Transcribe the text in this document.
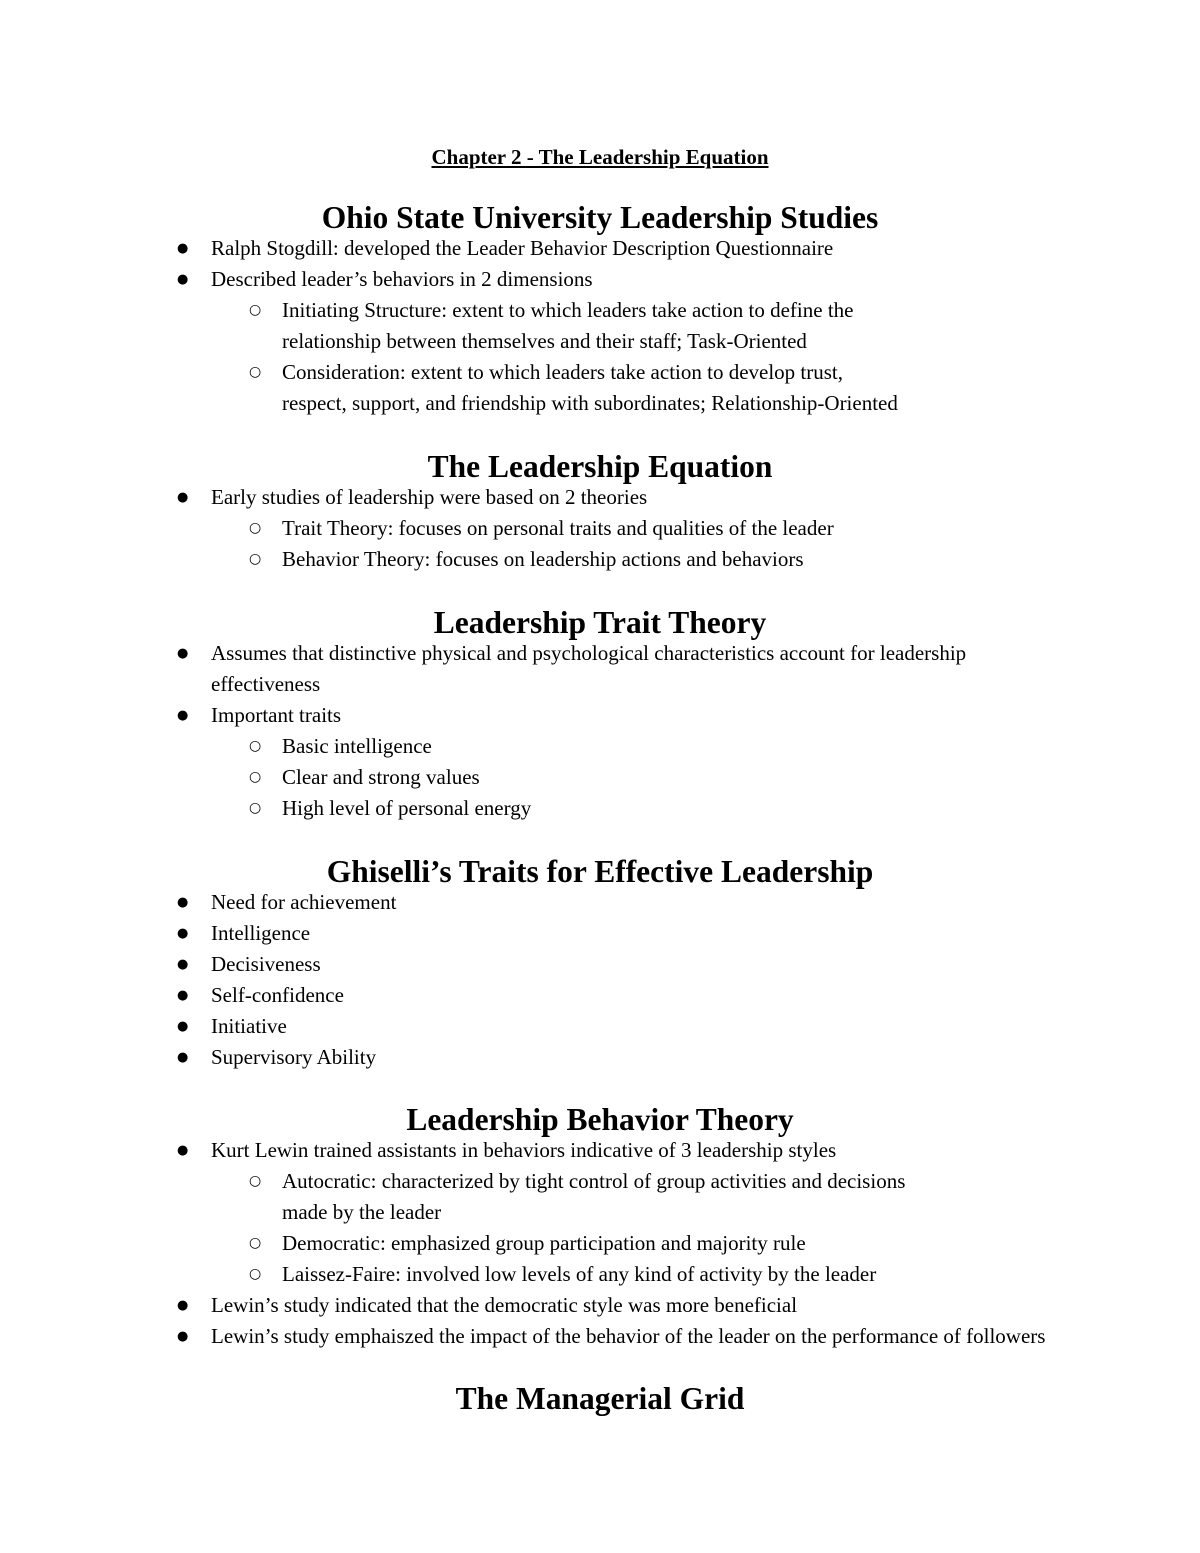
Chapter 2 - The Leadership Equation
Ohio State University Leadership Studies
● Ralph Stogdill: developed the Leader Behavior Description Questionnaire
● Described leader’s behaviors in 2 dimensions
○ Initiating Structure: extent to which leaders take action to define the relationship between themselves and their staff; Task-Oriented
○ Consideration: extent to which leaders take action to develop trust, respect, support, and friendship with subordinates; Relationship-Oriented
The Leadership Equation
● Early studies of leadership were based on 2 theories
○ Trait Theory: focuses on personal traits and qualities of the leader
○ Behavior Theory: focuses on leadership actions and behaviors
Leadership Trait Theory
● Assumes that distinctive physical and psychological characteristics account for leadership effectiveness
● Important traits
○ Basic intelligence
○ Clear and strong values
○ High level of personal energy
Ghiselli’s Traits for Effective Leadership
● Need for achievement
● Intelligence
● Decisiveness
● Self-confidence
● Initiative
● Supervisory Ability
Leadership Behavior Theory
● Kurt Lewin trained assistants in behaviors indicative of 3 leadership styles
○ Autocratic: characterized by tight control of group activities and decisions made by the leader
○ Democratic: emphasized group participation and majority rule
○ Laissez-Faire: involved low levels of any kind of activity by the leader
● Lewin’s study indicated that the democratic style was more beneficial
● Lewin’s study emphaiszed the impact of the behavior of the leader on the performance of followers
The Managerial Grid
